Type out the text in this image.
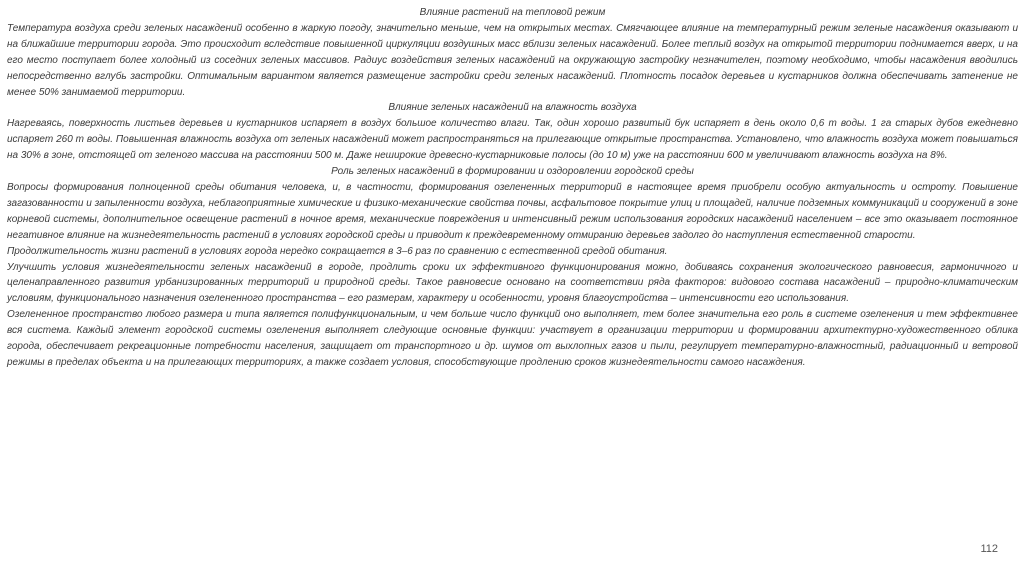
Влияние растений на тепловой режим

Температура воздуха среди зеленых насаждений особенно в жаркую погоду, значительно меньше, чем на открытых местах. Смягчающее влияние на температурный режим зеленые насаждения оказывают и на ближайшие территории города. Это происходит вследствие повышенной циркуляции воздушных масс вблизи зеленых насаждений. Более теплый воздух на открытой территории поднимается вверх, и на его место поступает более холодный из соседних зеленых массивов. Радиус воздействия зеленых насаждений на окружающую застройку незначителен, поэтому необходимо, чтобы насаждения вводились непосредственно вглубь застройки. Оптимальным вариантом является размещение застройки среди зеленых насаждений. Плотность посадок деревьев и кустарников должна обеспечивать затенение не менее 50% занимаемой территории.

Влияние зеленых насаждений на влажность воздуха

Нагреваясь, поверхность листьев деревьев и кустарников испаряет в воздух большое количество влаги. Так, один хорошо развитый бук испаряет в день около 0,6 т воды. 1 га старых дубов ежедневно испаряет 260 т воды. Повышенная влажность воздуха от зеленых насаждений может распространяться на прилегающие открытые пространства. Установлено, что влажность воздуха может повышаться на 30% в зоне, отстоящей от зеленого массива на расстоянии 500 м. Даже неширокие древесно-кустарниковые полосы (до 10 м) уже на расстоянии 600 м увеличивают влажность воздуха на 8%.

Роль зеленых насаждений в формировании и оздоровлении городской среды

Вопросы формирования полноценной среды обитания человека, и, в частности, формирования озелененных территорий в настоящее время приобрели особую актуальность и остроту. Повышение загазованности и запыленности воздуха, неблагоприятные химические и физико-механические свойства почвы, асфальтовое покрытие улиц и площадей, наличие подземных коммуникаций и сооружений в зоне корневой системы, дополнительное освещение растений в ночное время, механические повреждения и интенсивный режим использования городских насаждений населением – все это оказывает постоянное негативное влияние на жизнедеятельность растений в условиях городской среды и приводит к преждевременному отмиранию деревьев задолго до наступления естественной старости.

Продолжительность жизни растений в условиях города нередко сокращается в 3–6 раз по сравнению с естественной средой обитания.

Улучшить условия жизнедеятельности зеленых насаждений в городе, продлить сроки их эффективного функционирования можно, добиваясь сохранения экологического равновесия, гармоничного и целенаправленного развития урбанизированных территорий и природной среды. Такое равновесие основано на соответствии ряда факторов: видового состава насаждений – природно-климатическим условиям, функционального назначения озелененного пространства – его размерам, характеру и особенности, уровня благоустройства – интенсивности его использования.

Озелененное пространство любого размера и типа является полифункциональным, и чем больше число функций оно выполняет, тем более значительна его роль в системе озеленения и тем эффективнее вся система. Каждый элемент городской системы озеленения выполняет следующие основные функции: участвует в организации территории и формировании архитектурно-художественного облика города, обеспечивает рекреационные потребности населения, защищает от транспортного и др. шумов от выхлопных газов и пыли, регулирует температурно-влажностный, радиационный и ветровой режимы в пределах объекта и на прилегающих территориях, а также создает условия, способствующие продлению сроков жизнедеятельности самого насаждения.

112
